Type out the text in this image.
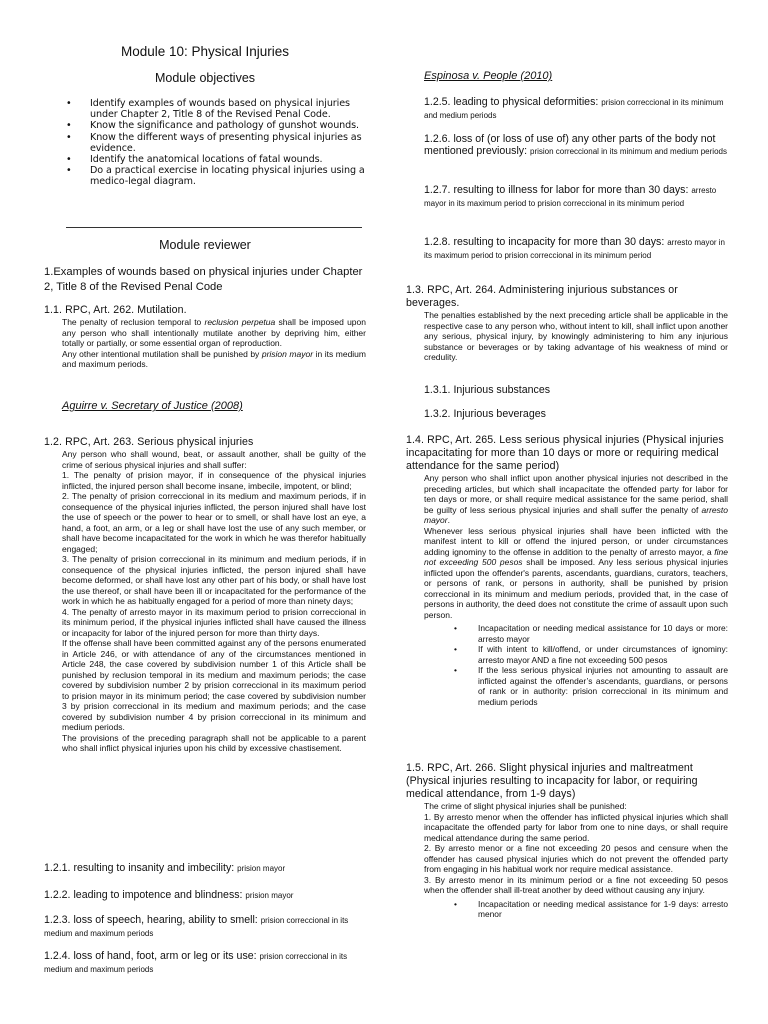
Module 10: Physical Injuries
Module objectives
• Identify examples of wounds based on physical injuries under Chapter 2, Title 8 of the Revised Penal Code.
• Know the significance and pathology of gunshot wounds.
• Know the different ways of presenting physical injuries as evidence.
• Identify the anatomical locations of fatal wounds.
• Do a practical exercise in locating physical injuries using a medico-legal diagram.
Module reviewer
1.Examples of wounds based on physical injuries under Chapter 2, Title 8 of the Revised Penal Code
1.1. RPC, Art. 262. Mutilation.

The penalty of reclusion temporal to reclusion perpetua shall be imposed upon any person who shall intentionally mutilate another by depriving him, either totally or partially, or some essential organ of reproduction.

Any other intentional mutilation shall be punished by prision mayor in its medium and maximum periods.

Aguirre v. Secretary of Justice (2008)
1.2. RPC, Art. 263. Serious physical injuries

Any person who shall wound, beat, or assault another, shall be guilty of the crime of serious physical injuries and shall suffer:

1. The penalty of prision mayor, if in consequence of the physical injuries inflicted, the injured person shall become insane, imbecile, impotent, or blind;

2. The penalty of prision correccional in its medium and maximum periods, if in consequence of the physical injuries inflicted, the person injured shall have lost the use of speech or the power to hear or to smell, or shall have lost an eye, a hand, a foot, an arm, or a leg or shall have lost the use of any such member, or shall have become incapacitated for the work in which he was therefor habitually engaged;

3. The penalty of prision correccional in its minimum and medium periods, if in consequence of the physical injuries inflicted, the person injured shall have become deformed, or shall have lost any other part of his body, or shall have lost the use thereof, or shall have been ill or incapacitated for the performance of the work in which he as habitually engaged for a period of more than ninety days;

4. The penalty of arresto mayor in its maximum period to prision correccional in its minimum period, if the physical injuries inflicted shall have caused the illness or incapacity for labor of the injured person for more than thirty days.

If the offense shall have been committed against any of the persons enumerated in Article 246, or with attendance of any of the circumstances mentioned in Article 248, the case covered by subdivision number 1 of this Article shall be punished by reclusion temporal in its medium and maximum periods; the case covered by subdivision number 2 by prision correccional in its maximum period to prision mayor in its minimum period; the case covered by subdivision number 3 by prision correccional in its medium and maximum periods; and the case covered by subdivision number 4 by prision correccional in its minimum and medium periods.

The provisions of the preceding paragraph shall not be applicable to a parent who shall inflict physical injuries upon his child by excessive chastisement.

1.2.1. resulting to insanity and imbecility: prision mayor
1.2.2. leading to impotence and blindness: prision mayor
1.2.3. loss of speech, hearing, ability to smell: prision correccional in its medium and maximum periods
1.2.4. loss of hand, foot, arm or leg or its use: prision correccional in its medium and maximum periods
Espinosa v. People (2010)
1.2.5. leading to physical deformities: prision correccional in its minimum and medium periods
1.2.6. loss of (or loss of use of) any other parts of the body not mentioned previously: prision correccional in its minimum and medium periods
1.2.7. resulting to illness for labor for more than 30 days: arresto mayor in its maximum period to prision correccional in its minimum period
1.2.8. resulting to incapacity for more than 30 days: arresto mayor in its maximum period to prision correccional in its minimum period
1.3. RPC, Art. 264. Administering injurious substances or beverages.
The penalties established by the next preceding article shall be applicable in the respective case to any person who, without intent to kill, shall inflict upon another any serious, physical injury, by knowingly administering to him any injurious substance or beverages or by taking advantage of his weakness of mind or credulity.
1.3.1. Injurious substances
1.3.2. Injurious beverages
1.4. RPC, Art. 265. Less serious physical injuries (Physical injuries incapacitating for more than 10 days or more or requiring medical attendance for the same period)

Any person who shall inflict upon another physical injuries not described in the preceding articles, but which shall incapacitate the offended party for labor for ten days or more, or shall require medical assistance for the same period, shall be guilty of less serious physical injuries and shall suffer the penalty of arresto mayor.

Whenever less serious physical injuries shall have been inflicted with the manifest intent to kill or offend the injured person, or under circumstances adding ignominy to the offense in addition to the penalty of arresto mayor, a fine not exceeding 500 pesos shall be imposed. Any less serious physical injuries inflicted upon the offender's parents, ascendants, guardians, curators, teachers, or persons of rank, or persons in authority, shall be punished by prision correccional in its minimum and medium periods, provided that, in the case of persons in authority, the deed does not constitute the crime of assault upon such person.

• Incapacitation or needing medical assistance for 10 days or more: arresto mayor
• If with intent to kill/offend, or under circumstances of ignominy: arresto mayor AND a fine not exceeding 500 pesos
• If the less serious physical injuries not amounting to assault are inflicted against the offender’s ascendants, guardians, or persons of rank or in authority: prision correccional in its minimum and medium periods
1.5. RPC, Art. 266. Slight physical injuries and maltreatment (Physical injuries resulting to incapacity for labor, or requiring medical attendance, from 1-9 days)

The crime of slight physical injuries shall be punished:

1. By arresto menor when the offender has inflicted physical injuries which shall incapacitate the offended party for labor from one to nine days, or shall require medical attendance during the same period.

2. By arresto menor or a fine not exceeding 20 pesos and censure when the offender has caused physical injuries which do not prevent the offended party from engaging in his habitual work nor require medical assistance.

3. By arresto menor in its minimum period or a fine not exceeding 50 pesos when the offender shall ill-treat another by deed without causing any injury.

• Incapacitation or needing medical assistance for 1-9 days: arresto menor
